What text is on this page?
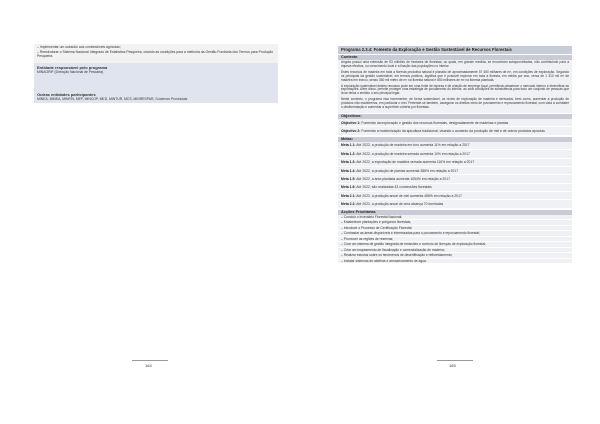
– Implementar um subsídio aos combustíveis agrícolas;

– Reestruturar o Sistema Nacional Integrado de Estatística Pesqueira, criando as condições para a melhoria da Gestão Fundiária dos Termos para Produção Pesqueira.

Entidade responsável pelo programa
MINAGRIF (Direcção Nacional de Pescaria).
Outras entidades participantes
MINEA, MINEA, MINFIN, MEP, MINCOP, MED, MINTUR, MCS, MINRESPAR, Governos Provinciais
164
Programa 2.3.4: Fomento da Exploração e Gestão Sustentável de Recursos Florestais
Contexto

Angola possui uma extensão de 53 milhões de hectares de florestas, ou quais, em grande medida, se encontram subaproveitadas, não contribuindo para a riqueza efectiva, ou crescimento local e a fixação das populações no interior.

Estes recursos de madeira em toda a floresta produtiva natural é planalto de aproximadamente 57 450 milhares de m³, em condições de exploração. Segundo os principais da gestão sustentável, em termos práticos, significa que é possível explorar em toda a floresta, em média por ano, cerca de 1 310 mil m³ de madeira em tronco, sendo 360 mil metro de m³ na floresta natural e 850 milhares de m³ na floresta plantada.

A exploração sustentável destes recursos pode ser uma fonte de riqueza e de criação de emprego local, permitindo abastecer o mercado interno e diversificar as exportações. Além disso, permite proteger uma estratégia de povoamento do interior, ao criar condições de subsistência para todo um conjunto de pessoas que lá se deixa o emitido o seu principal legar.

Neste contexto, o programa visa incrementar, de forma sustentável, os níveis de exploração de madeira e derivados, bem como, aumentar a produção de produtos não madeireiros, em particular o mel. Pretende-se também, assegurar os direitos meio de povoamento e repovoamento florestal, com vista a combater o desflorestação e aumentar a superfície coberta por florestas.

Objectivos:
Objectivo 1: Fomentar da exploração e gestão dos recursos florestais, designadamente de madeiras e plantas
Objectivo 2: Fomentar a modernização da apicultura tradicional, visando o aumento da produção de mel e de outros produtos apícolas
Metas:
Meta 1.1: Até 2022, a produção de madeira em toro aumenta 11% em relação a 2017
Meta 1.2: Até 2022, a produção de madeira serrada aumenta 10% em relação a 2017
Meta 1.3: Até 2022, a exportação de madeira serrada aumenta 116% em relação a 2017
Meta 1.4: Até 2022, a produção de plantas aumenta 386% em relação a 2017
Meta 1.5: Até 2022, a área plantada aumenta 1054% em relação a 2017
Meta 1.6: Até 2022, são realizadas 43 concessões florestais
Meta 2.1: Até 2022, a produção anual de mel aumenta 456% em relação a 2017
Meta 2.2: Até 2022, a produção anual de cera alcança 70 toneladas
Acções Prioritárias

– Concluir o Inventário Florestal Nacional;

– Estabelecer plantações e polígonos florestais;

– Introduzir o Processo de Certificação Florestal;

– Contrastar as áreas disponíveis e interessadas para o povoamento e repovoamento florestal;

– Promover as regiões de reservas;

– Criar um sistema de gestão integrada de emissões e controlo de licenças de exploração florestal;

– Criar um mapeamento de fiscalização e comercialização de madeira;

– Realizar estudos sobre os fenómenos de desertificação e reflorestamento;

– Instalar sistemas de abelhas e armazenamento de água.

165
